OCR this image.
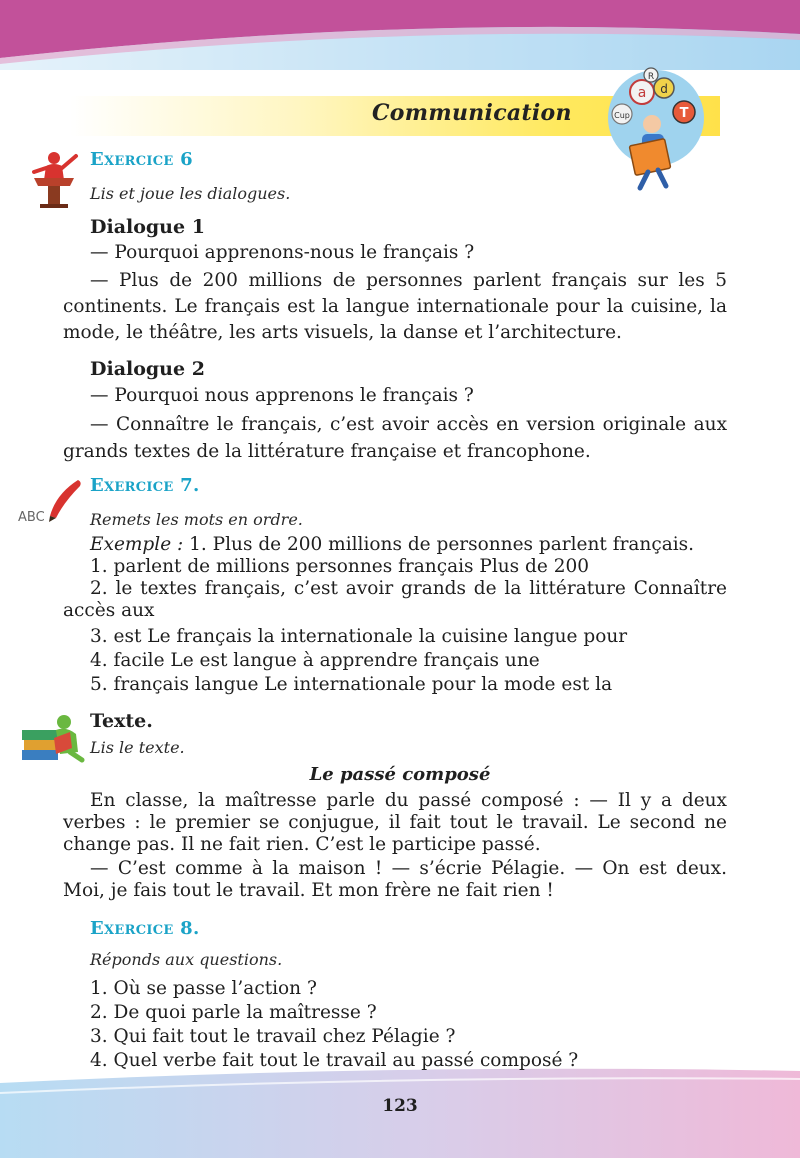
Communication
a d
R
T
Cup
Exercice 6
Lis et joue les dialogues.
Dialogue 1
— Pourquoi apprenons-nous le français ?
— Plus de 200 millions de personnes parlent français sur les 5 continents. Le français est la langue internationale pour la cuisine, la mode, le théâtre, les arts visuels, la danse et l’architecture.
Dialogue 2
— Pourquoi nous apprenons le français ?
— Connaître le français, c’est avoir accès en version originale aux grands textes de la littérature française et francophone.
ABC
Exercice 7.
Remets les mots en ordre.
Exemple : 1. Plus de 200 millions de personnes parlent français.
1. parlent de millions personnes français Plus de 200
2. le textes français, c’est avoir grands de la littérature Connaître accès aux
3. est Le français la internationale la cuisine langue pour
4. facile Le est langue à apprendre français une
5. français langue Le internationale pour la mode est la
Texte.
Lis le texte.
Le passé composé
En classe, la maîtresse parle du passé composé : — Il y a deux verbes : le premier se conjugue, il fait tout le travail. Le second ne change pas. Il ne fait rien. C’est le participe passé.
— C’est comme à la maison ! — s’écrie Pélagie. — On est deux. Moi, je fais tout le travail. Et mon frère ne fait rien !
Exercice 8.
Réponds aux questions.
1. Où se passe l’action ?
2. De quoi parle la maîtresse ?
3. Qui fait tout le travail chez Pélagie ?
4. Quel verbe fait tout le travail au passé composé ?
123
